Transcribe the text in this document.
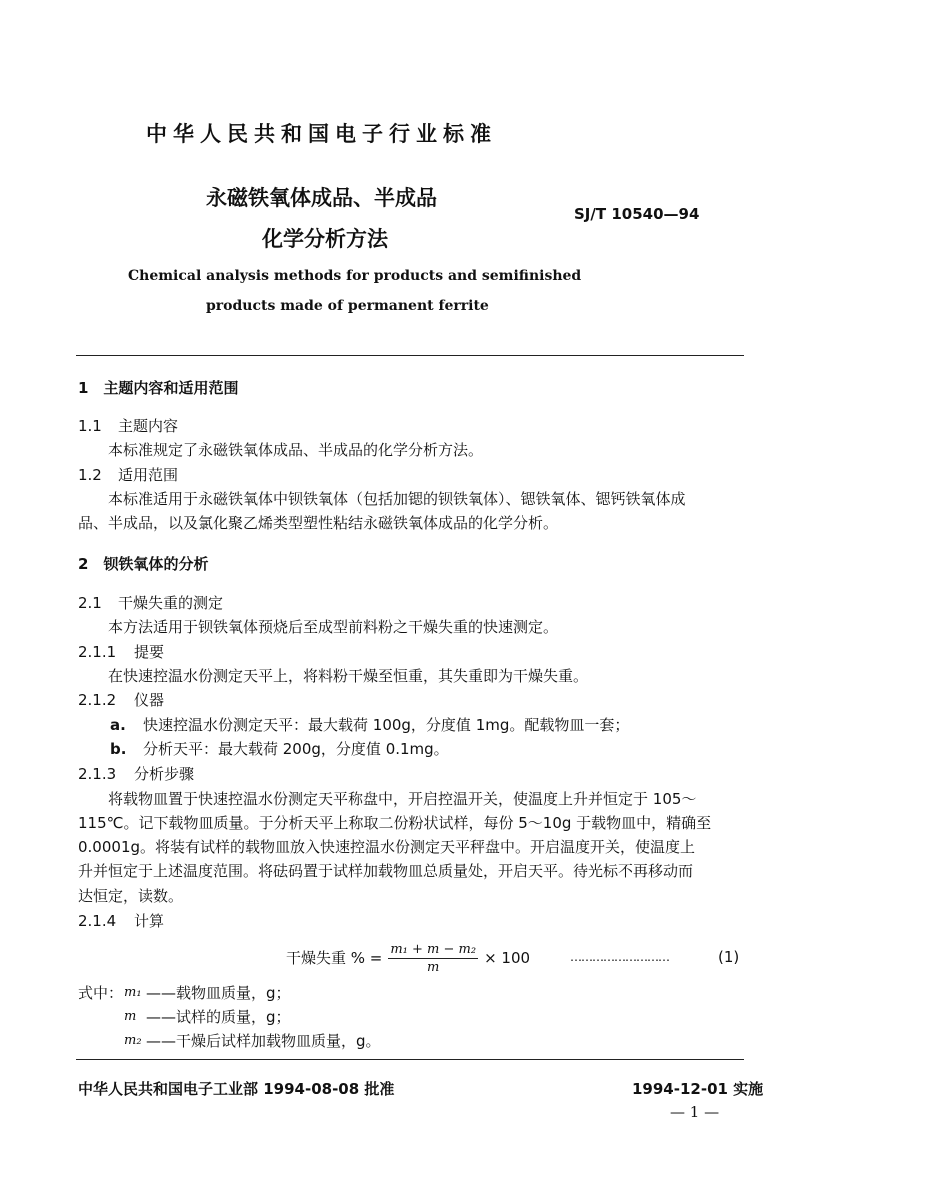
中华人民共和国电子行业标准
永磁铁氧体成品、半成品
化学分析方法
SJ/T 10540—94
Chemical analysis methods for products and semifinished
products made of permanent ferrite
1　主题内容和适用范围
1.1 主题内容
本标准规定了永磁铁氧体成品、半成品的化学分析方法。
1.2 适用范围
本标准适用于永磁铁氧体中钡铁氧体（包括加锶的钡铁氧体）、锶铁氧体、锶钙铁氧体成
品、半成品，以及氯化聚乙烯类型塑性粘结永磁铁氧体成品的化学分析。
2　钡铁氧体的分析
2.1 干燥失重的测定
本方法适用于钡铁氧体预烧后至成型前料粉之干燥失重的快速测定。
2.1.1 提要
在快速控温水份测定天平上，将料粉干燥至恒重，其失重即为干燥失重。
2.1.2 仪器
a. 快速控温水份测定天平：最大载荷 100g，分度值 1mg。配载物皿一套；
b. 分析天平：最大载荷 200g，分度值 0.1mg。
2.1.3 分析步骤
将载物皿置于快速控温水份测定天平称盘中，开启控温开关，使温度上升并恒定于 105～
115℃。记下载物皿质量。于分析天平上称取二份粉状试样，每份 5～10g 于载物皿中，精确至
0.0001g。将装有试样的载物皿放入快速控温水份测定天平秤盘中。开启温度开关，使温度上
升并恒定于上述温度范围。将砝码置于试样加载物皿总质量处，开启天平。待光标不再移动而
达恒定，读数。
2.1.4 计算
干燥失重 % = $\frac{\text{m₁ + m − m₂}}{m} \times 100$	………………………	(1)
式中： m₁ ——载物皿质量，g；
m ——试样的质量，g；
m₂ ——干燥后试样加载物皿质量，g。
中华人民共和国电子工业部 1994-08-08 批准	1994-12-01 实施
— 1 —
